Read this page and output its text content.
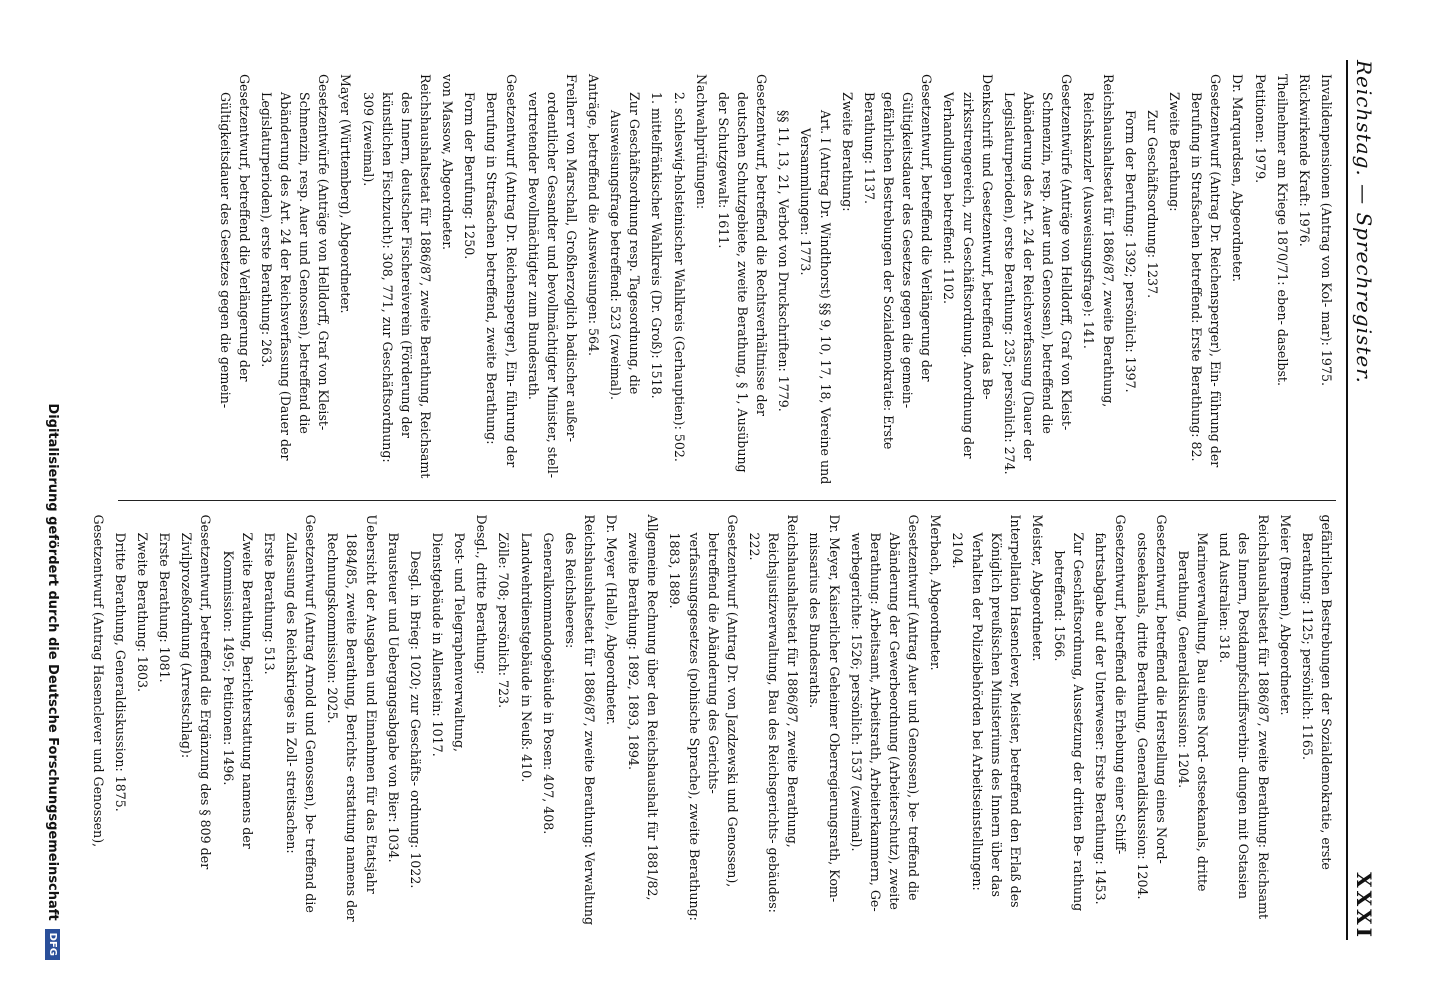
Reichstag. — Sprechregister.
XXXI

Invalidenpensionen (Antrag von Kol- mar): 1975.

Rückwirkende Kraft: 1976.

Theilnehmer am Kriege 1870/71: eben- daselbst.

Petitionen: 1979.

Dr. Marquardsen, Abgeordneter.

Gesetzentwurf (Antrag Dr. Reichensperger), Ein- führung der Berufung in Strafsachen betreffend: Erste Berathung: 82.

Zweite Berathung:

Zur Geschäftsordnung: 1237.

Form der Berufung: 1392; persönlich: 1397.

Reichshaushaltsetat für 1886/87, zweite Berathung, Reichskanzler (Ausweisungsfrage): 141.

Gesetzentwürfe (Anträge von Helldorff, Graf von Kleist-Schmenzin, resp. Auer und Genossen), betreffend die Abänderung des Art. 24 der Reichsverfassung (Dauer der Legislaturperioden), erste Berathung: 235; persönlich: 274.

Denkschrift und Gesetzentwurf, betreffend das Be- zirksstrengereich, zur Geschäftsordnung. Anordnung der Verhandlungen betreffend: 1102.

Gesetzentwurf, betreffend die Verlängerung der Gültigkeitsdauer des Gesetzes gegen die gemein- gefährlichen Bestrebungen der Sozialdemokratie: Erste Berathung: 1137.

Zweite Berathung:

Art. I (Antrag Dr. Windthorst) §§ 9, 10, 17, 18, Vereine und Versammlungen: 1773.

§§ 11, 13, 21, Verbot von Druckschriften: 1779.

Gesetzentwurf, betreffend die Rechtsverhältnisse der deutschen Schutzgebiete, zweite Berathung, § 1, Ausübung der Schutzgewalt: 1611.

Nachwahlprüfungen:

2. schleswig-holsteinischer Wahlkreis (Gerhauptien): 502.

1. mittelfränkischer Wahlkreis (Dr. Groß): 1518.

Zur Geschäftsordnung resp. Tagesordnung, die Ausweisungsfrage betreffend: 523 (zweimal).

Anträge, betreffend die Ausweisungen: 564.

Freiherr von Marschall, Großherzoglich badischer außer- ordentlicher Gesandter und bevollmächtigter Minister, stell- vertretender Bevollmächtigter zum Bundesrath.

Gesetzentwurf (Antrag Dr. Reichensperger), Ein- führung der Berufung in Strafsachen betreffend, zweite Berathung:

Form der Berufung: 1250.

von Massow, Abgeordneter.

Reichshaushaltsetat für 1886/87, zweite Berathung, Reichsamt des Innern, deutscher Fischereiverein (Förderung der künstlichen Fischzucht): 308, 771, zur Geschäftsordnung: 309 (zweimal).

Mayer (Württemberg), Abgeordneter.

Gesetzentwürfe (Anträge von Helldorff, Graf von Kleist-Schmenzin, resp. Auer und Genossen), betreffend die Abänderung des Art. 24 der Reichsverfassung (Dauer der Legislaturperioden), erste Berathung: 263.

Gesetzentwurf, betreffend die Verlängerung der Gültigkeitsdauer des Gesetzes gegen die gemein-

gefährlichen Bestrebungen der Sozialdemokratie, erste Berathung: 1125; persönlich: 1165.

Meier (Bremen), Abgeordneter.

Reichshaushaltsetat für 1886/87, zweite Berathung: Reichsamt des Innern, Postdampfschiffsverbin- dungen mit Ostasien und Australien: 318.

Marineverwaltung, Bau eines Nord- ostseekanals, dritte Berathung, Generaldiskussion: 1204.

Gesetzentwurf, betreffend die Herstellung eines Nord- ostseekanals, dritte Berathung, Generaldiskussion: 1204.

Gesetzentwurf, betreffend die Erhebung einer Schiff- fahrtsabgabe auf der Unterweser: Erste Berathung: 1453.

Zur Geschäftsordnung, Aussetzung der dritten Be- rathung betreffend: 1566.

Meister, Abgeordneter.

Interpellation Hasenclever, Meister, betreffend den Erlaß des Königlich preußischen Ministeriums des Innern über das Verhalten der Polizeibehörden bei Arbeitseinstellungen: 2104.

Merbach, Abgeordneter.

Gesetzentwurf (Antrag Auer und Genossen), be- treffend die Abänderung der Gewerbeordnung (Arbeiterschutz), zweite Berathung: Arbeitsamt, Arbeitsrath, Arbeiterkammern, Ge- werbegerichte: 1526; persönlich: 1537 (zweimal).

Dr. Meyer, Kaiserlicher Geheimer Oberregierungsrath, Kom- missarius des Bundesraths.

Reichshaushaltsetat für 1886/87, zweite Berathung, Reichsjustizverwaltung, Bau des Reichsgerichts- gebäudes: 222.

Gesetzentwurf (Antrag Dr. von Jazdzewski und Genossen), betreffend die Abänderung des Gerichts- verfassungsgesetzes (polnische Sprache), zweite Berathung: 1883, 1889.

Allgemeine Rechnung über den Reichshaushalt für 1881/82, zweite Berathung: 1892, 1893, 1894.

Dr. Meyer (Halle), Abgeordneter.

Reichshaushaltsetat für 1886/87, zweite Berathung: Verwaltung des Reichsheeres:

Generalkommandogebäude in Posen: 407, 408.

Landwehrdienstgebäude in Neuß: 410.

Zölle: 708; persönlich: 723.

Desgl., dritte Berathung:

Post- und Telegraphenverwaltung,

Dienstgebäude in Allenstein: 1017.

Desgl. in Brieg: 1020; zur Geschäfts- ordnung: 1022.

Brausteuer und Uebergangsabgabe von Bier: 1034.

Uebersicht der Ausgaben und Einnahmen für das Etatsjahr 1884/85, zweite Berathung, Berichts- erstattung namens der Rechnungskommission: 2025.

Gesetzentwurf (Antrag Arnold und Genossen), be- treffend die Zulassung des Reichskrieges in Zoll- streitsachen:

Erste Berathung: 513.

Zweite Berathung, Berichterstattung namens der Kommission: 1495; Petitionen: 1496.

Gesetzentwurf, betreffend die Ergänzung des § 809 der Zivilprozeßordnung (Arrestschlag):

Erste Berathung: 1081.

Zweite Berathung: 1803.

Dritte Berathung, Generaldiskussion: 1875.

Gesetzentwurf (Antrag Hasenclever und Genossen),

Digitalisierung gefördert durch die Deutsche Forschungsgemeinschaft
DFG
